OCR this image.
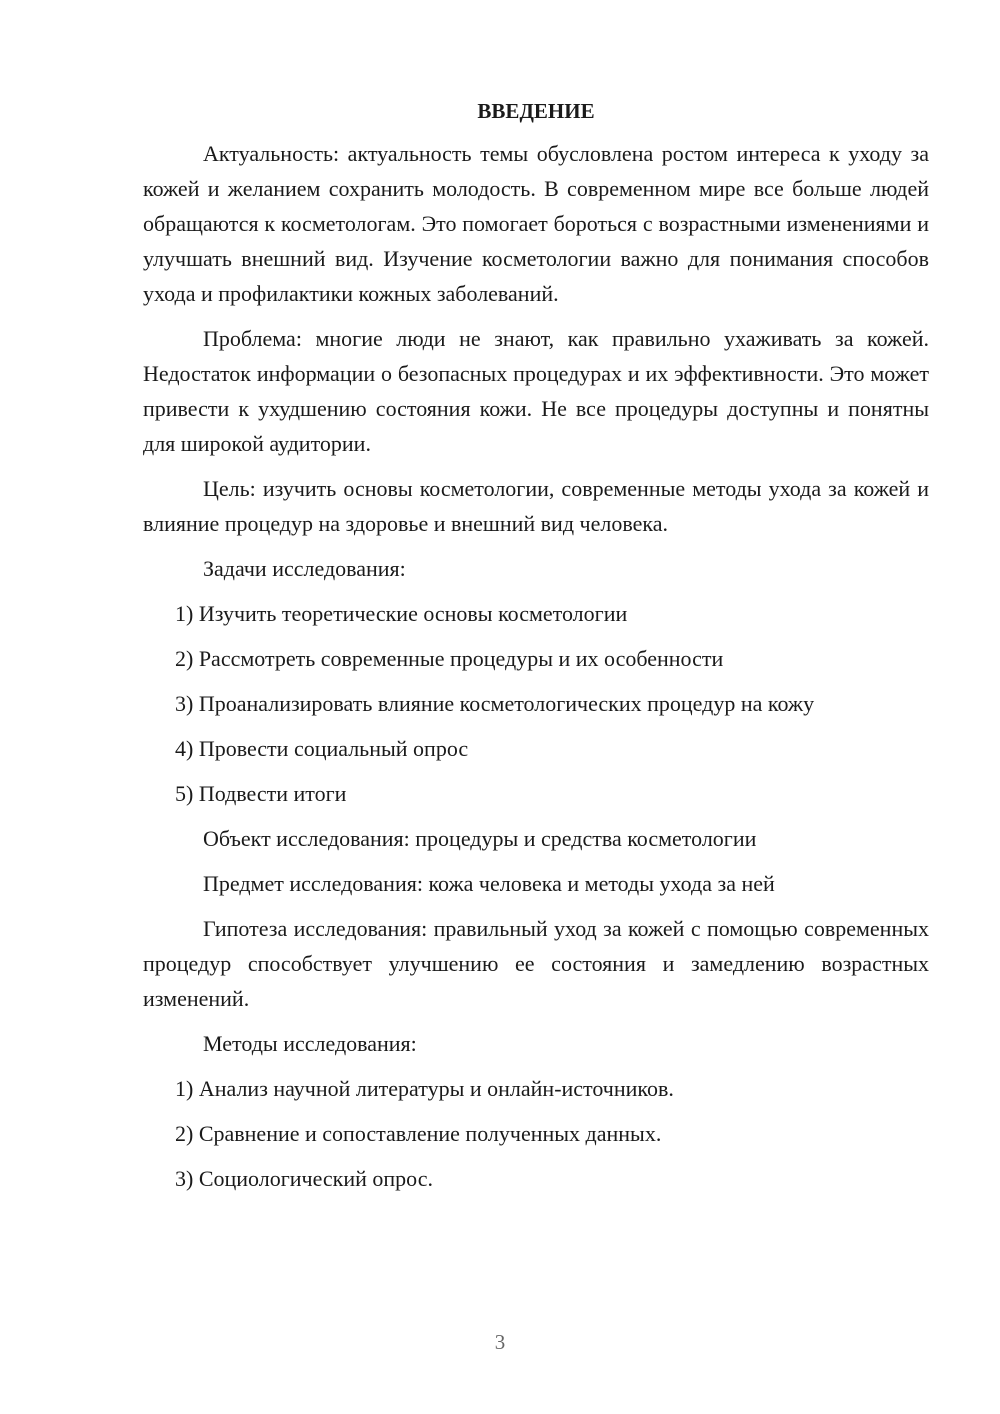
ВВЕДЕНИЕ

Актуальность: актуальность темы обусловлена ростом интереса к уходу за кожей и желанием сохранить молодость. В современном мире все больше людей обращаются к косметологам. Это помогает бороться с возрастными изменениями и улучшать внешний вид. Изучение косметологии важно для понимания способов ухода и профилактики кожных заболеваний.

Проблема: многие люди не знают, как правильно ухаживать за кожей. Недостаток информации о безопасных процедурах и их эффективности. Это может привести к ухудшению состояния кожи. Не все процедуры доступны и понятны для широкой аудитории.

Цель: изучить основы косметологии, современные методы ухода за кожей и влияние процедур на здоровье и внешний вид человека.

Задачи исследования:

1) Изучить теоретические основы косметологии

2) Рассмотреть современные процедуры и их особенности

3) Проанализировать влияние косметологических процедур на кожу

4) Провести социальный опрос

5) Подвести итоги

Объект исследования: процедуры и средства косметологии

Предмет исследования: кожа человека и методы ухода за ней

Гипотеза исследования: правильный уход за кожей с помощью современных процедур способствует улучшению ее состояния и замедлению возрастных изменений.

Методы исследования:

1) Анализ научной литературы и онлайн-источников.

2) Сравнение и сопоставление полученных данных.

3) Социологический опрос.

3
